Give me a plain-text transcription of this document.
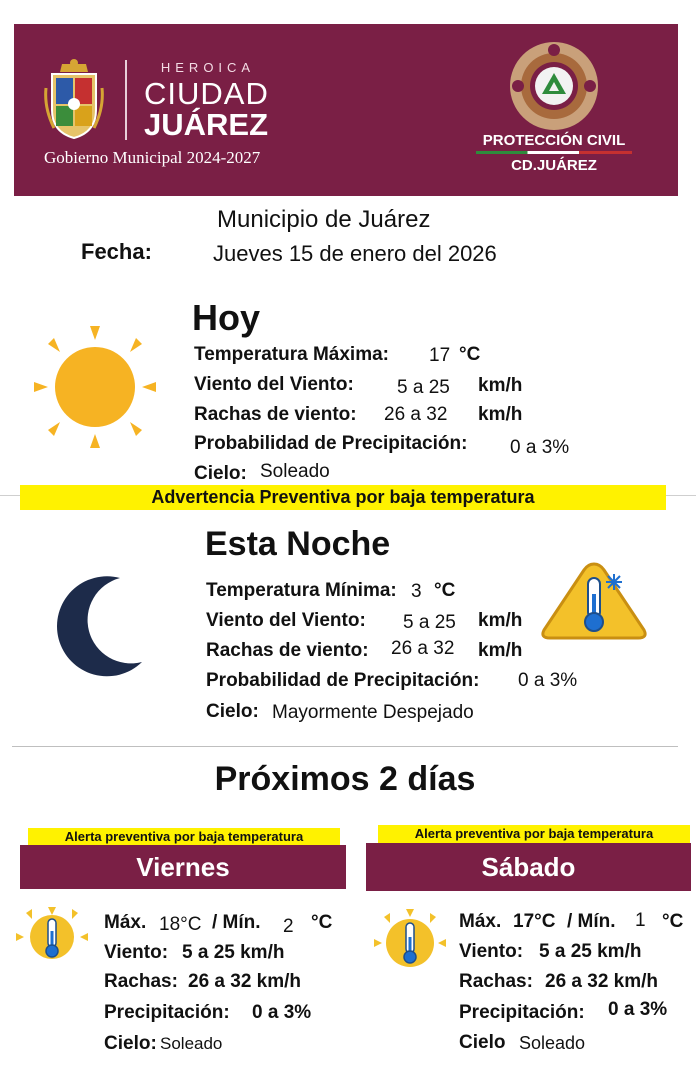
HEROICA
CIUDAD
JUÁREZ
Gobierno Municipal 2024-2027
PROTECCIÓN CIVIL
CD.JUÁREZ
Municipio de Juárez
Fecha:	Jueves 15 de enero del 2026
Hoy
Temperatura Máxima: 17 °C
Viento del Viento: 5 a 25 km/h
Rachas de viento: 26 a 32 km/h
Probabilidad de Precipitación: 0 a 3%
Cielo: Soleado
Advertencia Preventiva por baja temperatura
Esta Noche
Temperatura Mínima: 3 °C
Viento del Viento: 5 a 25 km/h
Rachas de viento: 26 a 32 km/h
Probabilidad de Precipitación: 0 a 3%
Cielo: Mayormente Despejado
Próximos 2 días
Alerta preventiva por baja temperatura
Viernes
Máx. 18°C / Mín. 2 °C
Viento: 5 a 25 km/h
Rachas: 26 a 32 km/h
Precipitación: 0 a 3%
Cielo: Soleado
Alerta preventiva por baja temperatura
Sábado
Máx. 17°C / Mín. 1 °C
Viento: 5 a 25 km/h
Rachas: 26 a 32 km/h
Precipitación: 0 a 3%
Cielo Soleado
